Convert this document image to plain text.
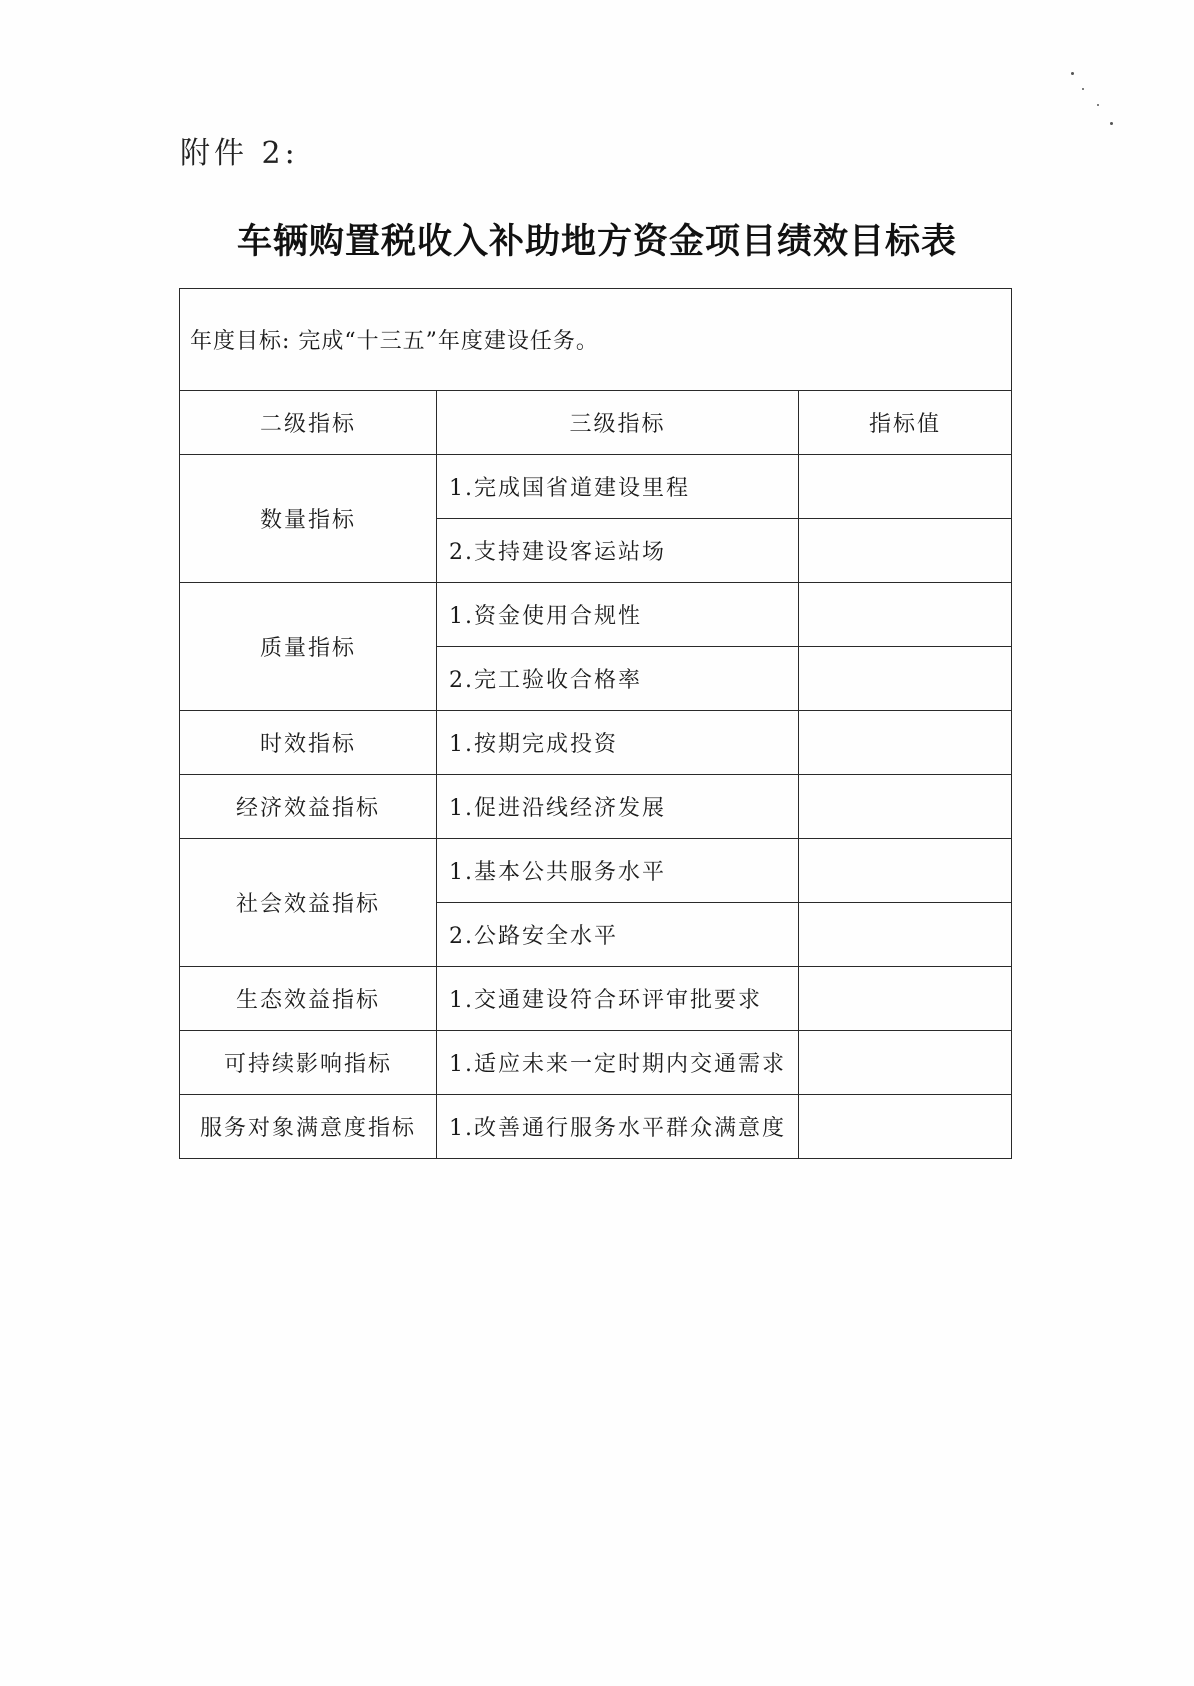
附件 2:
车辆购置税收入补助地方资金项目绩效目标表
年度目标: 完成“十三五”年度建设任务。		
二级指标	三级指标	指标值
数量指标	1.完成国省道建设里程	
	2.支持建设客运站场	
质量指标	1.资金使用合规性	
	2.完工验收合格率	
时效指标	1.按期完成投资	
经济效益指标	1.促进沿线经济发展	
社会效益指标	1.基本公共服务水平	
	2.公路安全水平	
生态效益指标	1.交通建设符合环评审批要求	
可持续影响指标	1.适应未来一定时期内交通需求	
服务对象满意度指标	1.改善通行服务水平群众满意度	
